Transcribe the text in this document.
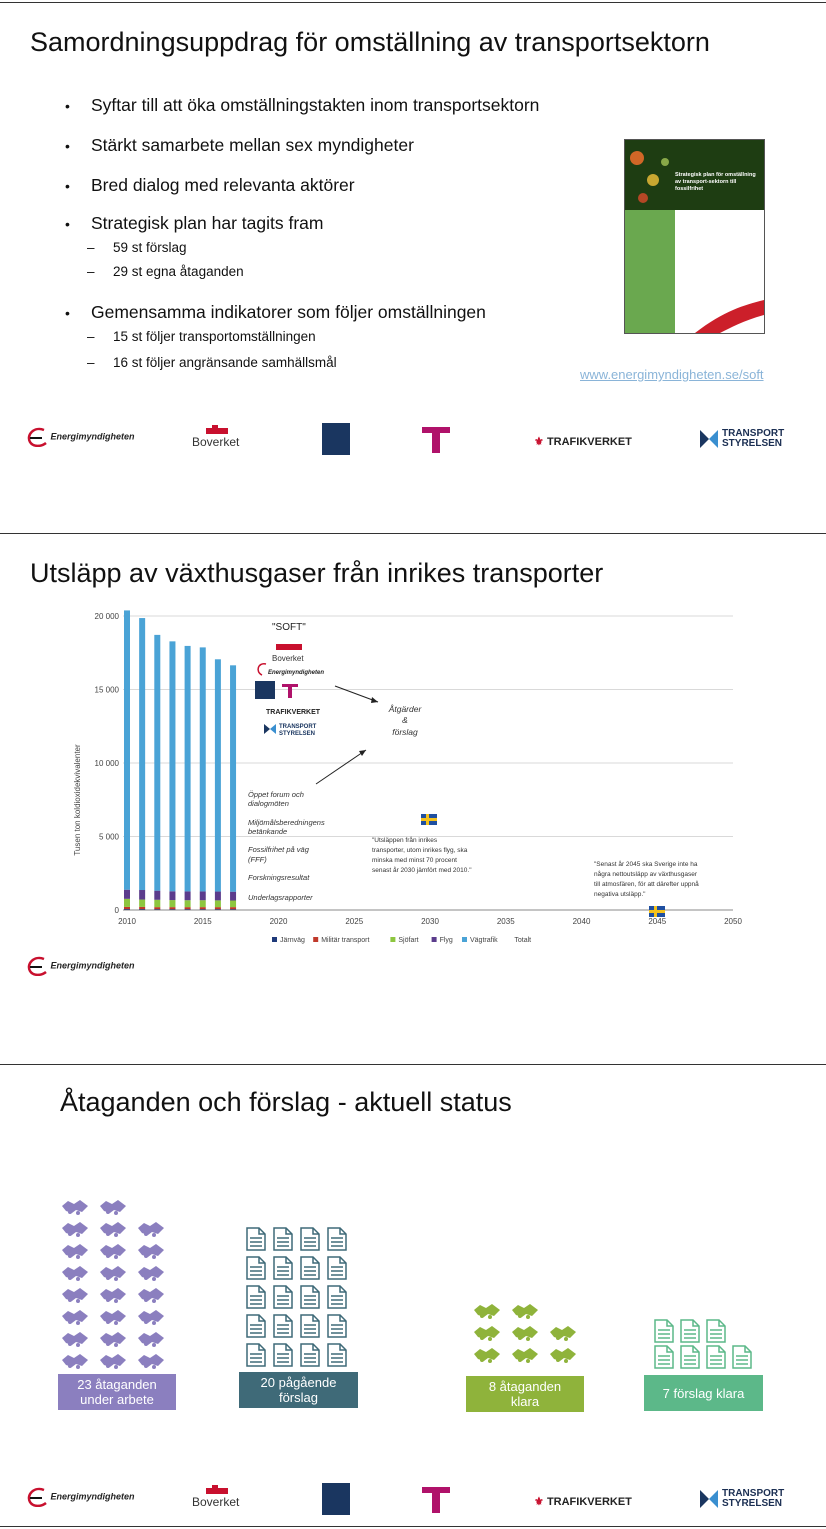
Samordningsuppdrag för omställning av transportsektorn
•	Syftar till att öka omställningstakten inom transportsektorn
•	Stärkt samarbete mellan sex myndigheter
•	Bred dialog med relevanta aktörer
•	Strategisk plan har tagits fram
–	59 st förslag
–	29 st egna åtaganden
•	Gemensamma indikatorer som följer omställningen
–	15 st följer transportomställningen
–	16 st följer angränsande samhällsmål
Strategisk plan för omställning av transport-sektorn till fossilfrihet
www.energimyndigheten.se/soft
Energimyndigheten	Boverket	⚜ TRAFIKVERKET
TRANSPORT
STYRELSEN
Utsläpp av växthusgaser från inrikes transporter
0
5 000
10 000
15 000
20 000
2010	2015	2020	2025	2030	2035	2040	2045	2050
Tusen ton koldioxidekvivalenter
"SOFT"
Boverket
Energimyndigheten
TRAFIKVERKET
TRANSPORT
STYRELSEN
Åtgärder
&
förslag
Öppet forum och
dialogmöten
Miljömålsberedningens
betänkande
Fossilfrihet på väg
(FFF)
Forskningsresultat
Underlagsrapporter
"Utsläppen från inrikes
transporter, utom inrikes flyg, ska
minska med minst 70 procent
senast år 2030 jämfört med 2010."
"Senast år 2045 ska Sverige inte ha
några nettoutsläpp av växthusgaser
till atmosfären, för att därefter uppnå
negativa utsläpp."
Järnväg Militär transport	Sjöfart	Flyg Vägtrafik Totalt
Energimyndigheten
Åtaganden och förslag - aktuell status
23 åtaganden
under arbete
20 pågående
förslag
8 åtaganden
klara
7 förslag klara
Energimyndigheten	Boverket	⚜ TRAFIKVERKET
TRANSPORT
STYRELSEN
